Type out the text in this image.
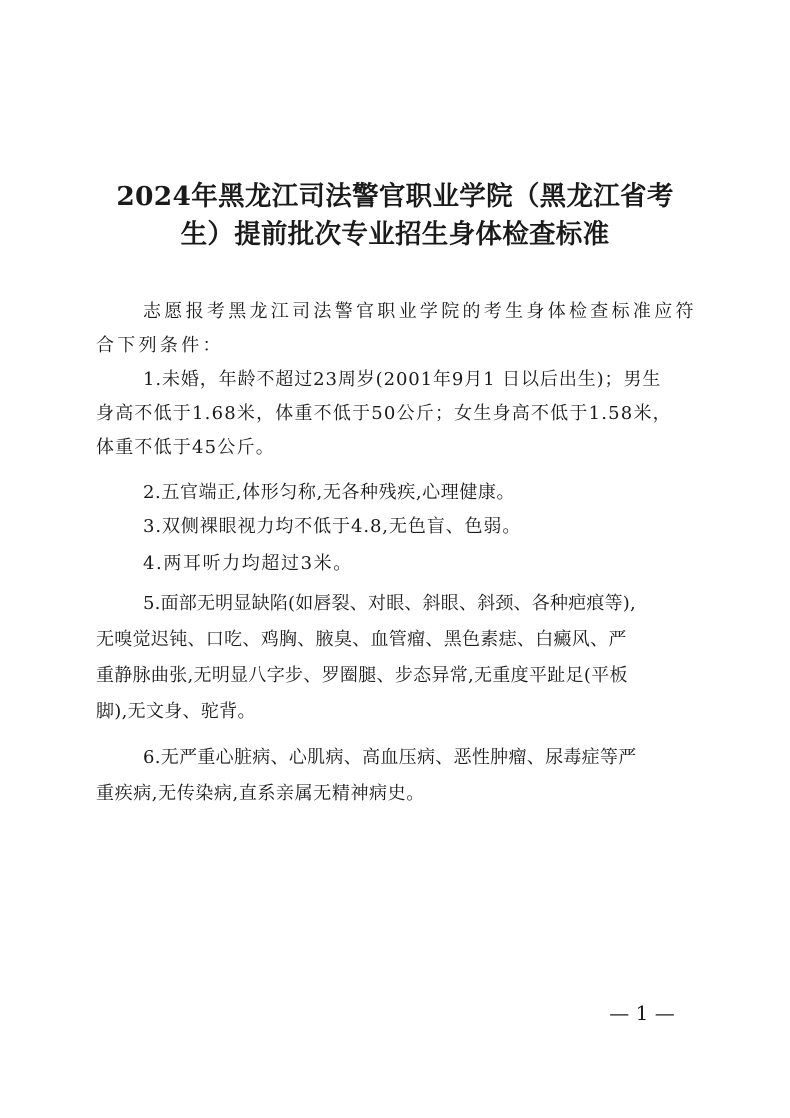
2024年黑龙江司法警官职业学院（黑龙江省考
生）提前批次专业招生身体检查标准
志愿报考黑龙江司法警官职业学院的考生身体检查标准应符
合下列条件：
1.未婚，年龄不超过23周岁(2001年9月1 日以后出生)；男生
身高不低于1.68米，体重不低于50公斤；女生身高不低于1.58米，
体重不低于45公斤。
2.五官端正,体形匀称,无各种残疾,心理健康。
3.双侧裸眼视力均不低于4.8,无色盲、色弱。
4.两耳听力均超过3米。
5.面部无明显缺陷(如唇裂、对眼、斜眼、斜颈、各种疤痕等),
无嗅觉迟钝、口吃、鸡胸、腋臭、血管瘤、黑色素痣、白癜风、严
重静脉曲张,无明显八字步、罗圈腿、步态异常,无重度平趾足(平板
脚),无文身、驼背。
6.无严重心脏病、心肌病、高血压病、恶性肿瘤、尿毒症等严
重疾病,无传染病,直系亲属无精神病史。
— 1 —
